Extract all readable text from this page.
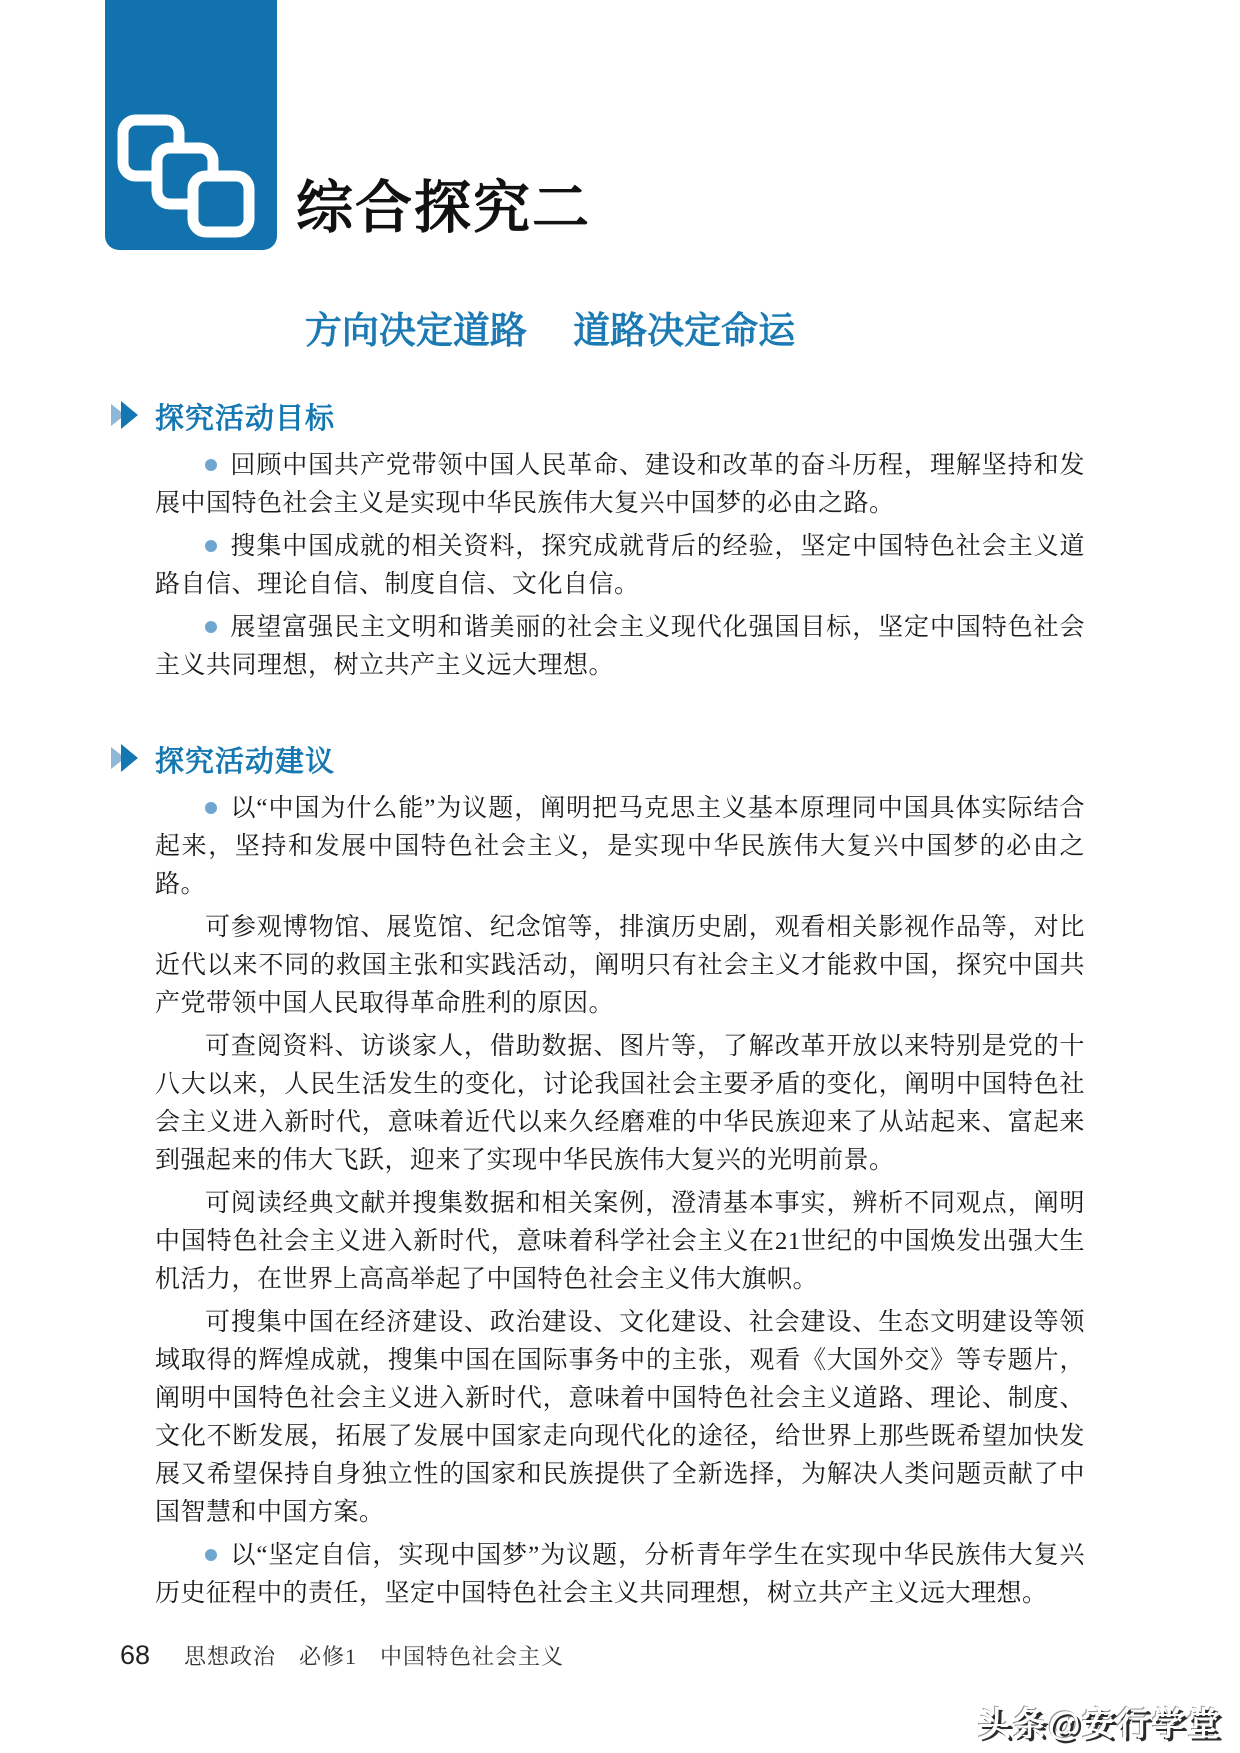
综合探究二
方向决定道路　 道路决定命运
探究活动目标

回顾中国共产党带领中国人民革命、建设和改革的奋斗历程，理解坚持和发展中国特色社会主义是实现中华民族伟大复兴中国梦的必由之路。

搜集中国成就的相关资料，探究成就背后的经验，坚定中国特色社会主义道路自信、理论自信、制度自信、文化自信。

展望富强民主文明和谐美丽的社会主义现代化强国目标，坚定中国特色社会主义共同理想，树立共产主义远大理想。

探究活动建议

以“中国为什么能”为议题，阐明把马克思主义基本原理同中国具体实际结合起来，坚持和发展中国特色社会主义，是实现中华民族伟大复兴中国梦的必由之路。

可参观博物馆、展览馆、纪念馆等，排演历史剧，观看相关影视作品等，对比近代以来不同的救国主张和实践活动，阐明只有社会主义才能救中国，探究中国共产党带领中国人民取得革命胜利的原因。

可查阅资料、访谈家人，借助数据、图片等，了解改革开放以来特别是党的十八大以来，人民生活发生的变化，讨论我国社会主要矛盾的变化，阐明中国特色社会主义进入新时代，意味着近代以来久经磨难的中华民族迎来了从站起来、富起来到强起来的伟大飞跃，迎来了实现中华民族伟大复兴的光明前景。

可阅读经典文献并搜集数据和相关案例，澄清基本事实，辨析不同观点，阐明中国特色社会主义进入新时代，意味着科学社会主义在21世纪的中国焕发出强大生机活力，在世界上高高举起了中国特色社会主义伟大旗帜。

可搜集中国在经济建设、政治建设、文化建设、社会建设、生态文明建设等领域取得的辉煌成就，搜集中国在国际事务中的主张，观看《大国外交》等专题片，阐明中国特色社会主义进入新时代，意味着中国特色社会主义道路、理论、制度、文化不断发展，拓展了发展中国家走向现代化的途径，给世界上那些既希望加快发展又希望保持自身独立性的国家和民族提供了全新选择，为解决人类问题贡献了中国智慧和中国方案。

以“坚定自信，实现中国梦”为议题，分析青年学生在实现中华民族伟大复兴历史征程中的责任，坚定中国特色社会主义共同理想，树立共产主义远大理想。

68 思想政治　必修1　中国特色社会主义
头条@安行学堂
